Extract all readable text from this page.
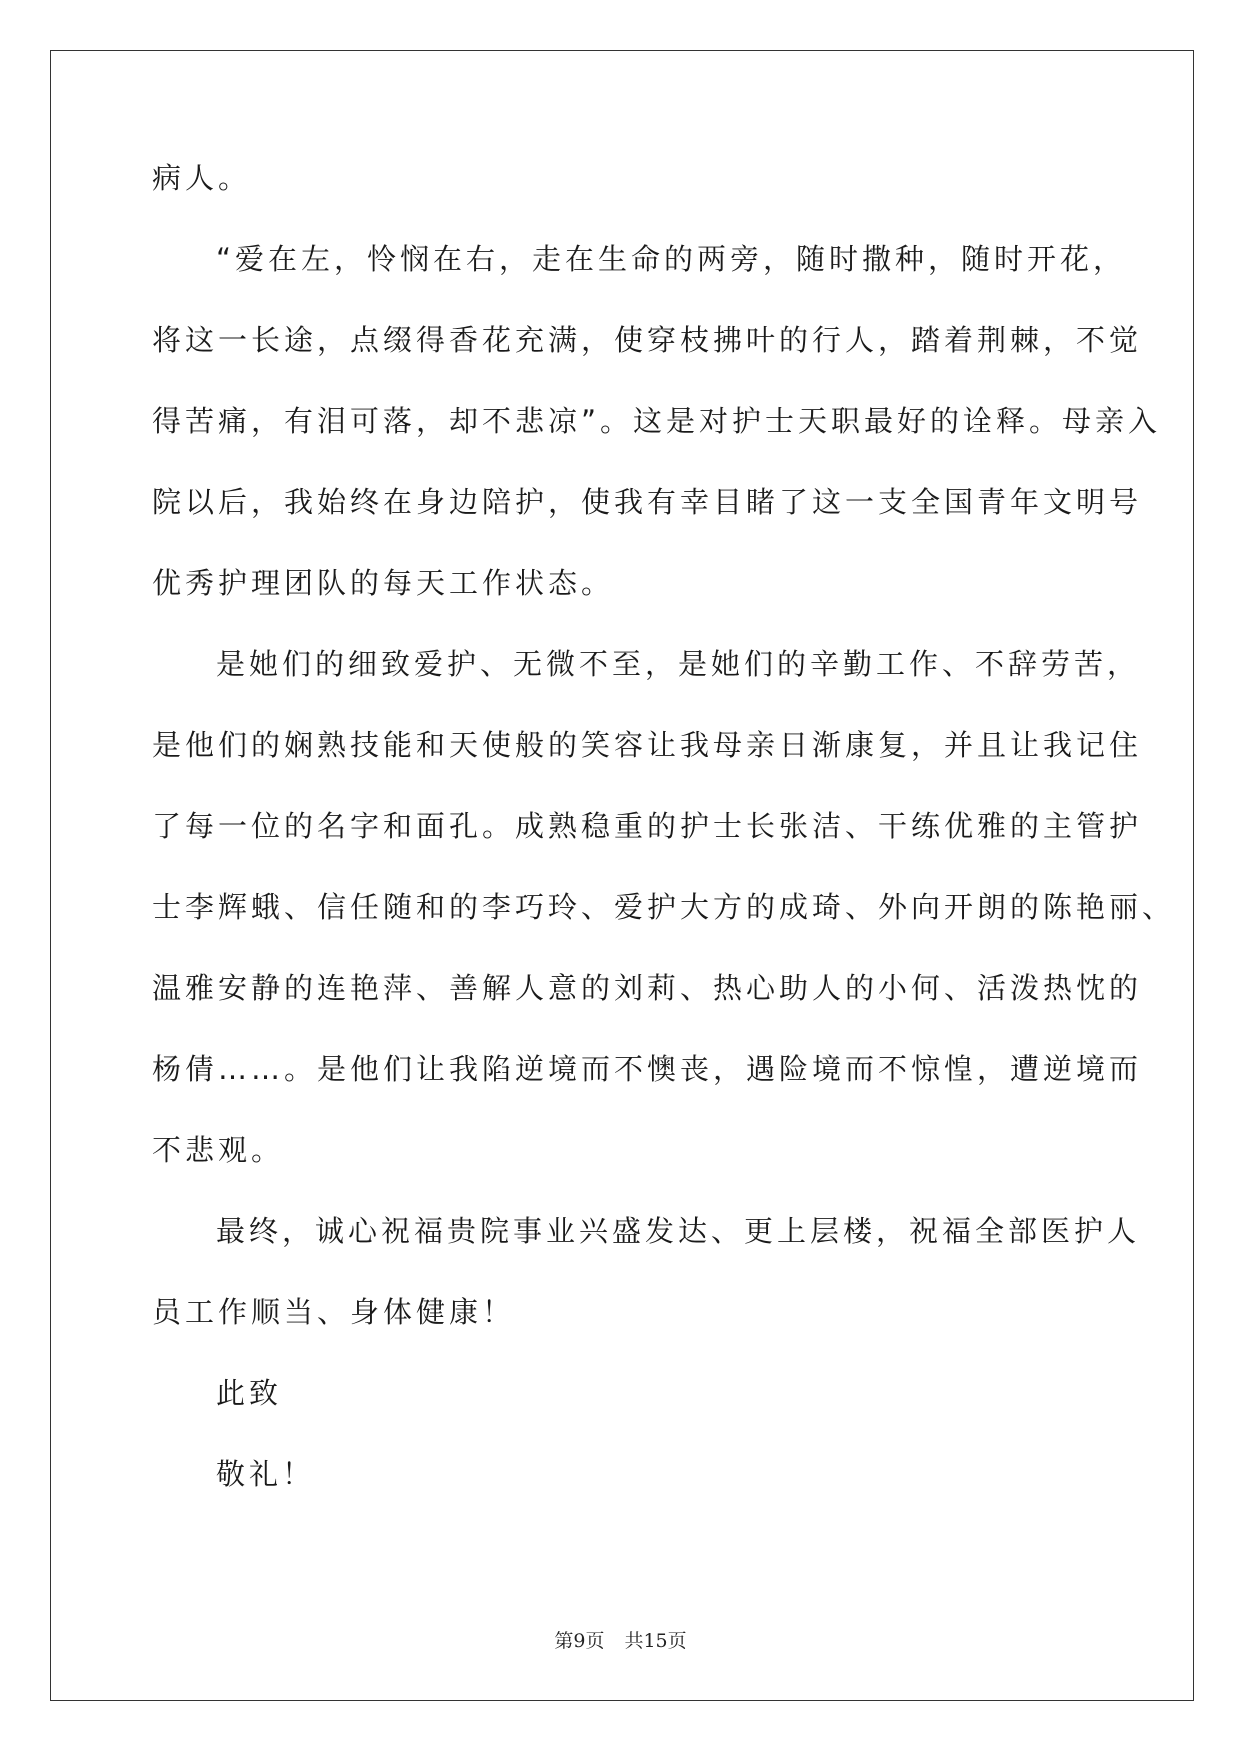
病人。
“爱在左，怜悯在右，走在生命的两旁，随时撒种，随时开花，
将这一长途，点缀得香花充满，使穿枝拂叶的行人，踏着荆棘，不觉
得苦痛，有泪可落，却不悲凉”。这是对护士天职最好的诠释。母亲入
院以后，我始终在身边陪护，使我有幸目睹了这一支全国青年文明号
优秀护理团队的每天工作状态。
是她们的细致爱护、无微不至，是她们的辛勤工作、不辞劳苦，
是他们的娴熟技能和天使般的笑容让我母亲日渐康复，并且让我记住
了每一位的名字和面孔。成熟稳重的护士长张洁、干练优雅的主管护
士李辉蛾、信任随和的李巧玲、爱护大方的成琦、外向开朗的陈艳丽、
温雅安静的连艳萍、善解人意的刘莉、热心助人的小何、活泼热忱的
杨倩……。是他们让我陷逆境而不懊丧，遇险境而不惊惶，遭逆境而
不悲观。
最终，诚心祝福贵院事业兴盛发达、更上层楼，祝福全部医护人
员工作顺当、身体健康！
此致
敬礼！
第9页 共15页
